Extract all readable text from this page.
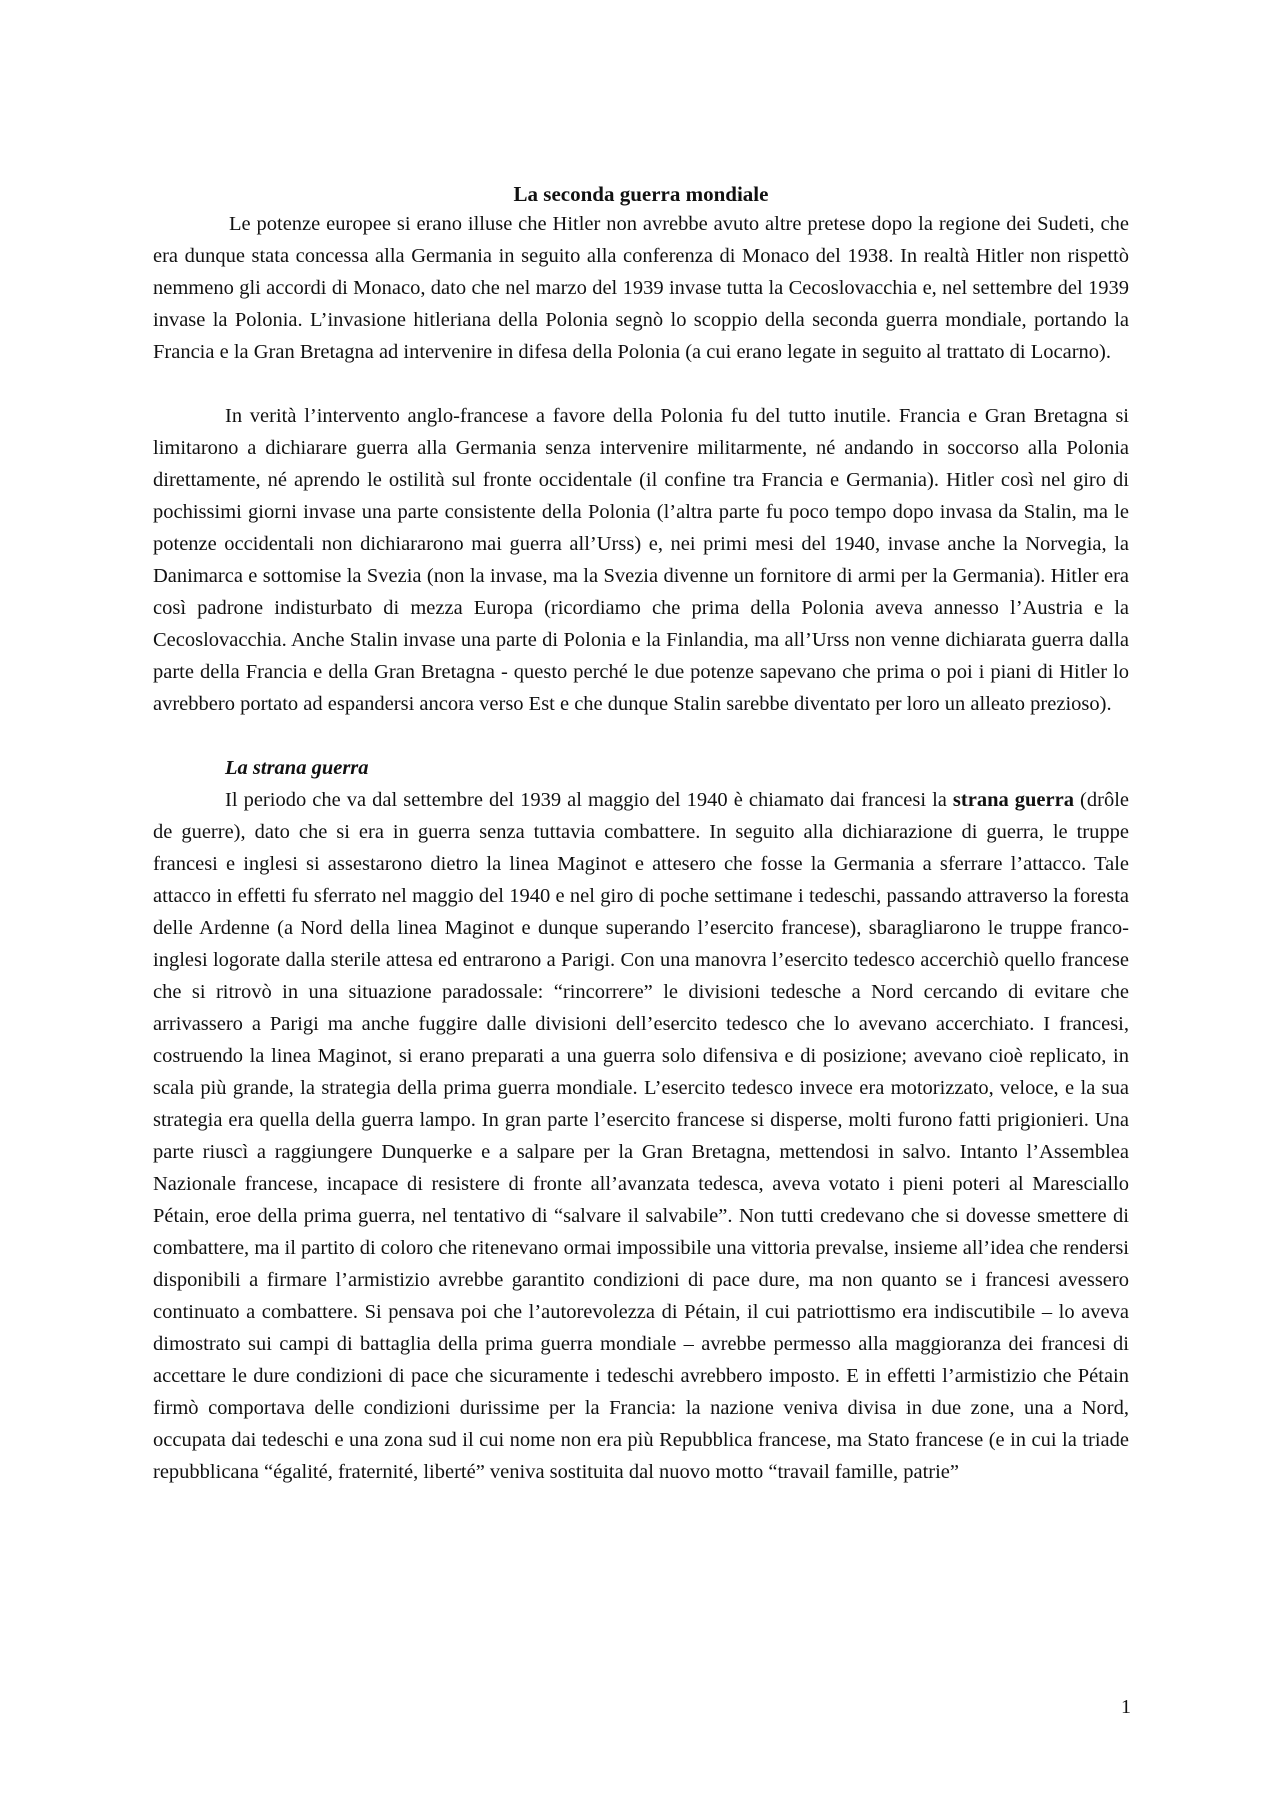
La seconda guerra mondiale

Le potenze europee si erano illuse che Hitler non avrebbe avuto altre pretese dopo la regione dei Sudeti, che era dunque stata concessa alla Germania in seguito alla conferenza di Monaco del 1938. In realtà Hitler non rispettò nemmeno gli accordi di Monaco, dato che nel marzo del 1939 invase tutta la Cecoslovacchia e, nel settembre del 1939 invase la Polonia. L’invasione hitleriana della Polonia segnò lo scoppio della seconda guerra mondiale, portando la Francia e la Gran Bretagna ad intervenire in difesa della Polonia (a cui erano legate in seguito al trattato di Locarno).

In verità l’intervento anglo-francese a favore della Polonia fu del tutto inutile. Francia e Gran Bretagna si limitarono a dichiarare guerra alla Germania senza intervenire militarmente, né andando in soccorso alla Polonia direttamente, né aprendo le ostilità sul fronte occidentale (il confine tra Francia e Germania). Hitler così nel giro di pochissimi giorni invase una parte consistente della Polonia (l’altra parte fu poco tempo dopo invasa da Stalin, ma le potenze occidentali non dichiararono mai guerra all’Urss) e, nei primi mesi del 1940, invase anche la Norvegia, la Danimarca e sottomise la Svezia (non la invase, ma la Svezia divenne un fornitore di armi per la Germania). Hitler era così padrone indisturbato di mezza Europa (ricordiamo che prima della Polonia aveva annesso l’Austria e la Cecoslovacchia. Anche Stalin invase una parte di Polonia e la Finlandia, ma all’Urss non venne dichiarata guerra dalla parte della Francia e della Gran Bretagna - questo perché le due potenze sapevano che prima o poi i piani di Hitler lo avrebbero portato ad espandersi ancora verso Est e che dunque Stalin sarebbe diventato per loro un alleato prezioso).

La strana guerra

Il periodo che va dal settembre del 1939 al maggio del 1940 è chiamato dai francesi la strana guerra (drôle de guerre), dato che si era in guerra senza tuttavia combattere. In seguito alla dichiarazione di guerra, le truppe francesi e inglesi si assestarono dietro la linea Maginot e attesero che fosse la Germania a sferrare l’attacco. Tale attacco in effetti fu sferrato nel maggio del 1940 e nel giro di poche settimane i tedeschi, passando attraverso la foresta delle Ardenne (a Nord della linea Maginot e dunque superando l’esercito francese), sbaragliarono le truppe franco-inglesi logorate dalla sterile attesa ed entrarono a Parigi. Con una manovra l’esercito tedesco accerchiò quello francese che si ritrovò in una situazione paradossale: “rincorrere” le divisioni tedesche a Nord cercando di evitare che arrivassero a Parigi ma anche fuggire dalle divisioni dell’esercito tedesco che lo avevano accerchiato. I francesi, costruendo la linea Maginot, si erano preparati a una guerra solo difensiva e di posizione; avevano cioè replicato, in scala più grande, la strategia della prima guerra mondiale. L’esercito tedesco invece era motorizzato, veloce, e la sua strategia era quella della guerra lampo. In gran parte l’esercito francese si disperse, molti furono fatti prigionieri. Una parte riuscì a raggiungere Dunquerke e a salpare per la Gran Bretagna, mettendosi in salvo. Intanto l’Assemblea Nazionale francese, incapace di resistere di fronte all’avanzata tedesca, aveva votato i pieni poteri al Maresciallo Pétain, eroe della prima guerra, nel tentativo di “salvare il salvabile”. Non tutti credevano che si dovesse smettere di combattere, ma il partito di coloro che ritenevano ormai impossibile una vittoria prevalse, insieme all’idea che rendersi disponibili a firmare l’armistizio avrebbe garantito condizioni di pace dure, ma non quanto se i francesi avessero continuato a combattere. Si pensava poi che l’autorevolezza di Pétain, il cui patriottismo era indiscutibile – lo aveva dimostrato sui campi di battaglia della prima guerra mondiale – avrebbe permesso alla maggioranza dei francesi di accettare le dure condizioni di pace che sicuramente i tedeschi avrebbero imposto. E in effetti l’armistizio che Pétain firmò comportava delle condizioni durissime per la Francia: la nazione veniva divisa in due zone, una a Nord, occupata dai tedeschi e una zona sud il cui nome non era più Repubblica francese, ma Stato francese (e in cui la triade repubblicana “égalité, fraternité, liberté” veniva sostituita dal nuovo motto “travail famille, patrie”

1
